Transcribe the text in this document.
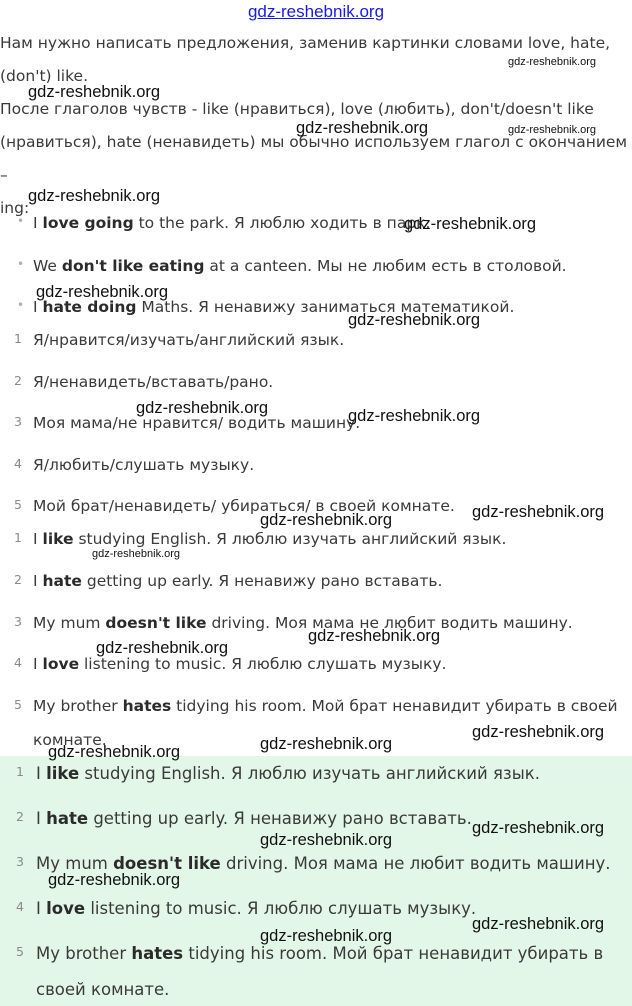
gdz-reshebnik.org

Нам нужно написать предложения, заменив картинки словами love, hate,

(don't) like.

После глаголов чувств - like (нравиться), love (любить), don't/doesn't like

(нравиться), hate (ненавидеть) мы обычно используем глагол с окончанием –

ing:

• I love going to the park. Я люблю ходить в парк.
• We don't like eating at a canteen. Мы не любим есть в столовой.
• I hate doing Maths. Я ненавижу заниматься математикой.
1 Я/нравится/изучать/английский язык.
2 Я/ненавидеть/вставать/рано.
3 Моя мама/не нравится/ водить машину.
4 Я/любить/слушать музыку.
5 Мой брат/ненавидеть/ убираться/ в своей комнате.
1 I like studying English. Я люблю изучать английский язык.
2 I hate getting up early. Я ненавижу рано вставать.
3 My mum doesn't like driving. Моя мама не любит водить машину.
4 I love listening to music. Я люблю слушать музыку.
5 My brother hates tidying his room. Мой брат ненавидит убирать в своей
комнате.
1 I like studying English. Я люблю изучать английский язык.
2 I hate getting up early. Я ненавижу рано вставать.
3 My mum doesn't like driving. Моя мама не любит водить машину.
4 I love listening to music. Я люблю слушать музыку.
5 My brother hates tidying his room. Мой брат ненавидит убирать в
своей комнате.
gdz-reshebnik.org
gdz-reshebnik.org
gdz-reshebnik.org	gdz-reshebnik.org
gdz-reshebnik.org
gdz-reshebnik.org
gdz-reshebnik.org
gdz-reshebnik.org
gdz-reshebnik.org	gdz-reshebnik.org
gdz-reshebnik.org
gdz-reshebnik.org
gdz-reshebnik.org
gdz-reshebnik.org
gdz-reshebnik.org
gdz-reshebnik.org
gdz-reshebnik.org
gdz-reshebnik.org
gdz-reshebnik.org
gdz-reshebnik.org
gdz-reshebnik.org
gdz-reshebnik.org
gdz-reshebnik.org
